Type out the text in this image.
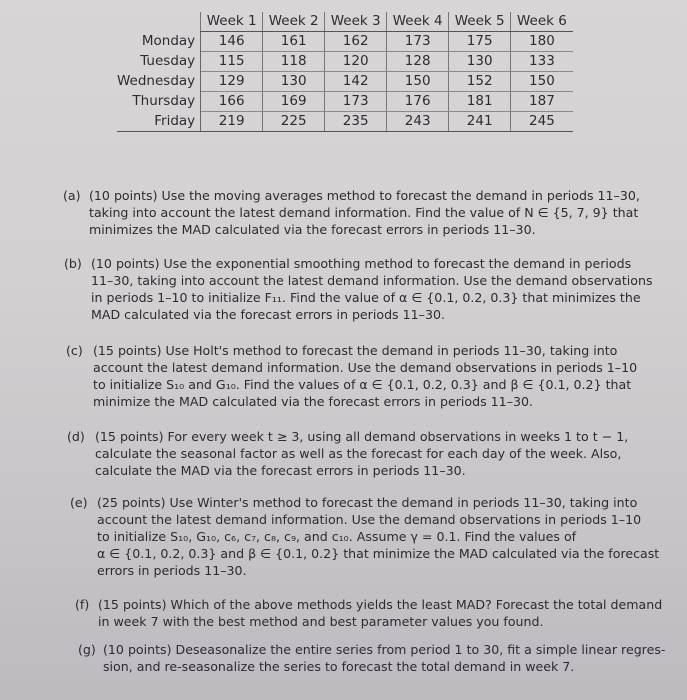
	Week 1	Week 2	Week 3	Week 4	Week 5	Week 6
Monday	146	161	162	173	175	180
Tuesday	115	118	120	128	130	133
Wednesday	129	130	142	150	152	150
Thursday	166	169	173	176	181	187
Friday	219	225	235	243	241	245
(a) (10 points) Use the moving averages method to forecast the demand in periods 11–30,
taking into account the latest demand information. Find the value of N ∈ {5, 7, 9} that
minimizes the MAD calculated via the forecast errors in periods 11–30.
(b) (10 points) Use the exponential smoothing method to forecast the demand in periods
11–30, taking into account the latest demand information. Use the demand observations
in periods 1–10 to initialize F₁₁. Find the value of α ∈ {0.1, 0.2, 0.3} that minimizes the
MAD calculated via the forecast errors in periods 11–30.
(c) (15 points) Use Holt's method to forecast the demand in periods 11–30, taking into
account the latest demand information. Use the demand observations in periods 1–10
to initialize S₁₀ and G₁₀. Find the values of α ∈ {0.1, 0.2, 0.3} and β ∈ {0.1, 0.2} that
minimize the MAD calculated via the forecast errors in periods 11–30.
(d) (15 points) For every week t ≥ 3, using all demand observations in weeks 1 to t − 1,
calculate the seasonal factor as well as the forecast for each day of the week. Also,
calculate the MAD via the forecast errors in periods 11–30.
(e) (25 points) Use Winter's method to forecast the demand in periods 11–30, taking into
account the latest demand information. Use the demand observations in periods 1–10
to initialize S₁₀, G₁₀, c₆, c₇, c₈, c₉, and c₁₀. Assume γ = 0.1. Find the values of
α ∈ {0.1, 0.2, 0.3} and β ∈ {0.1, 0.2} that minimize the MAD calculated via the forecast
errors in periods 11–30.
(f) (15 points) Which of the above methods yields the least MAD? Forecast the total demand
in week 7 with the best method and best parameter values you found.
(g) (10 points) Deseasonalize the entire series from period 1 to 30, fit a simple linear regres-
sion, and re-seasonalize the series to forecast the total demand in week 7.
